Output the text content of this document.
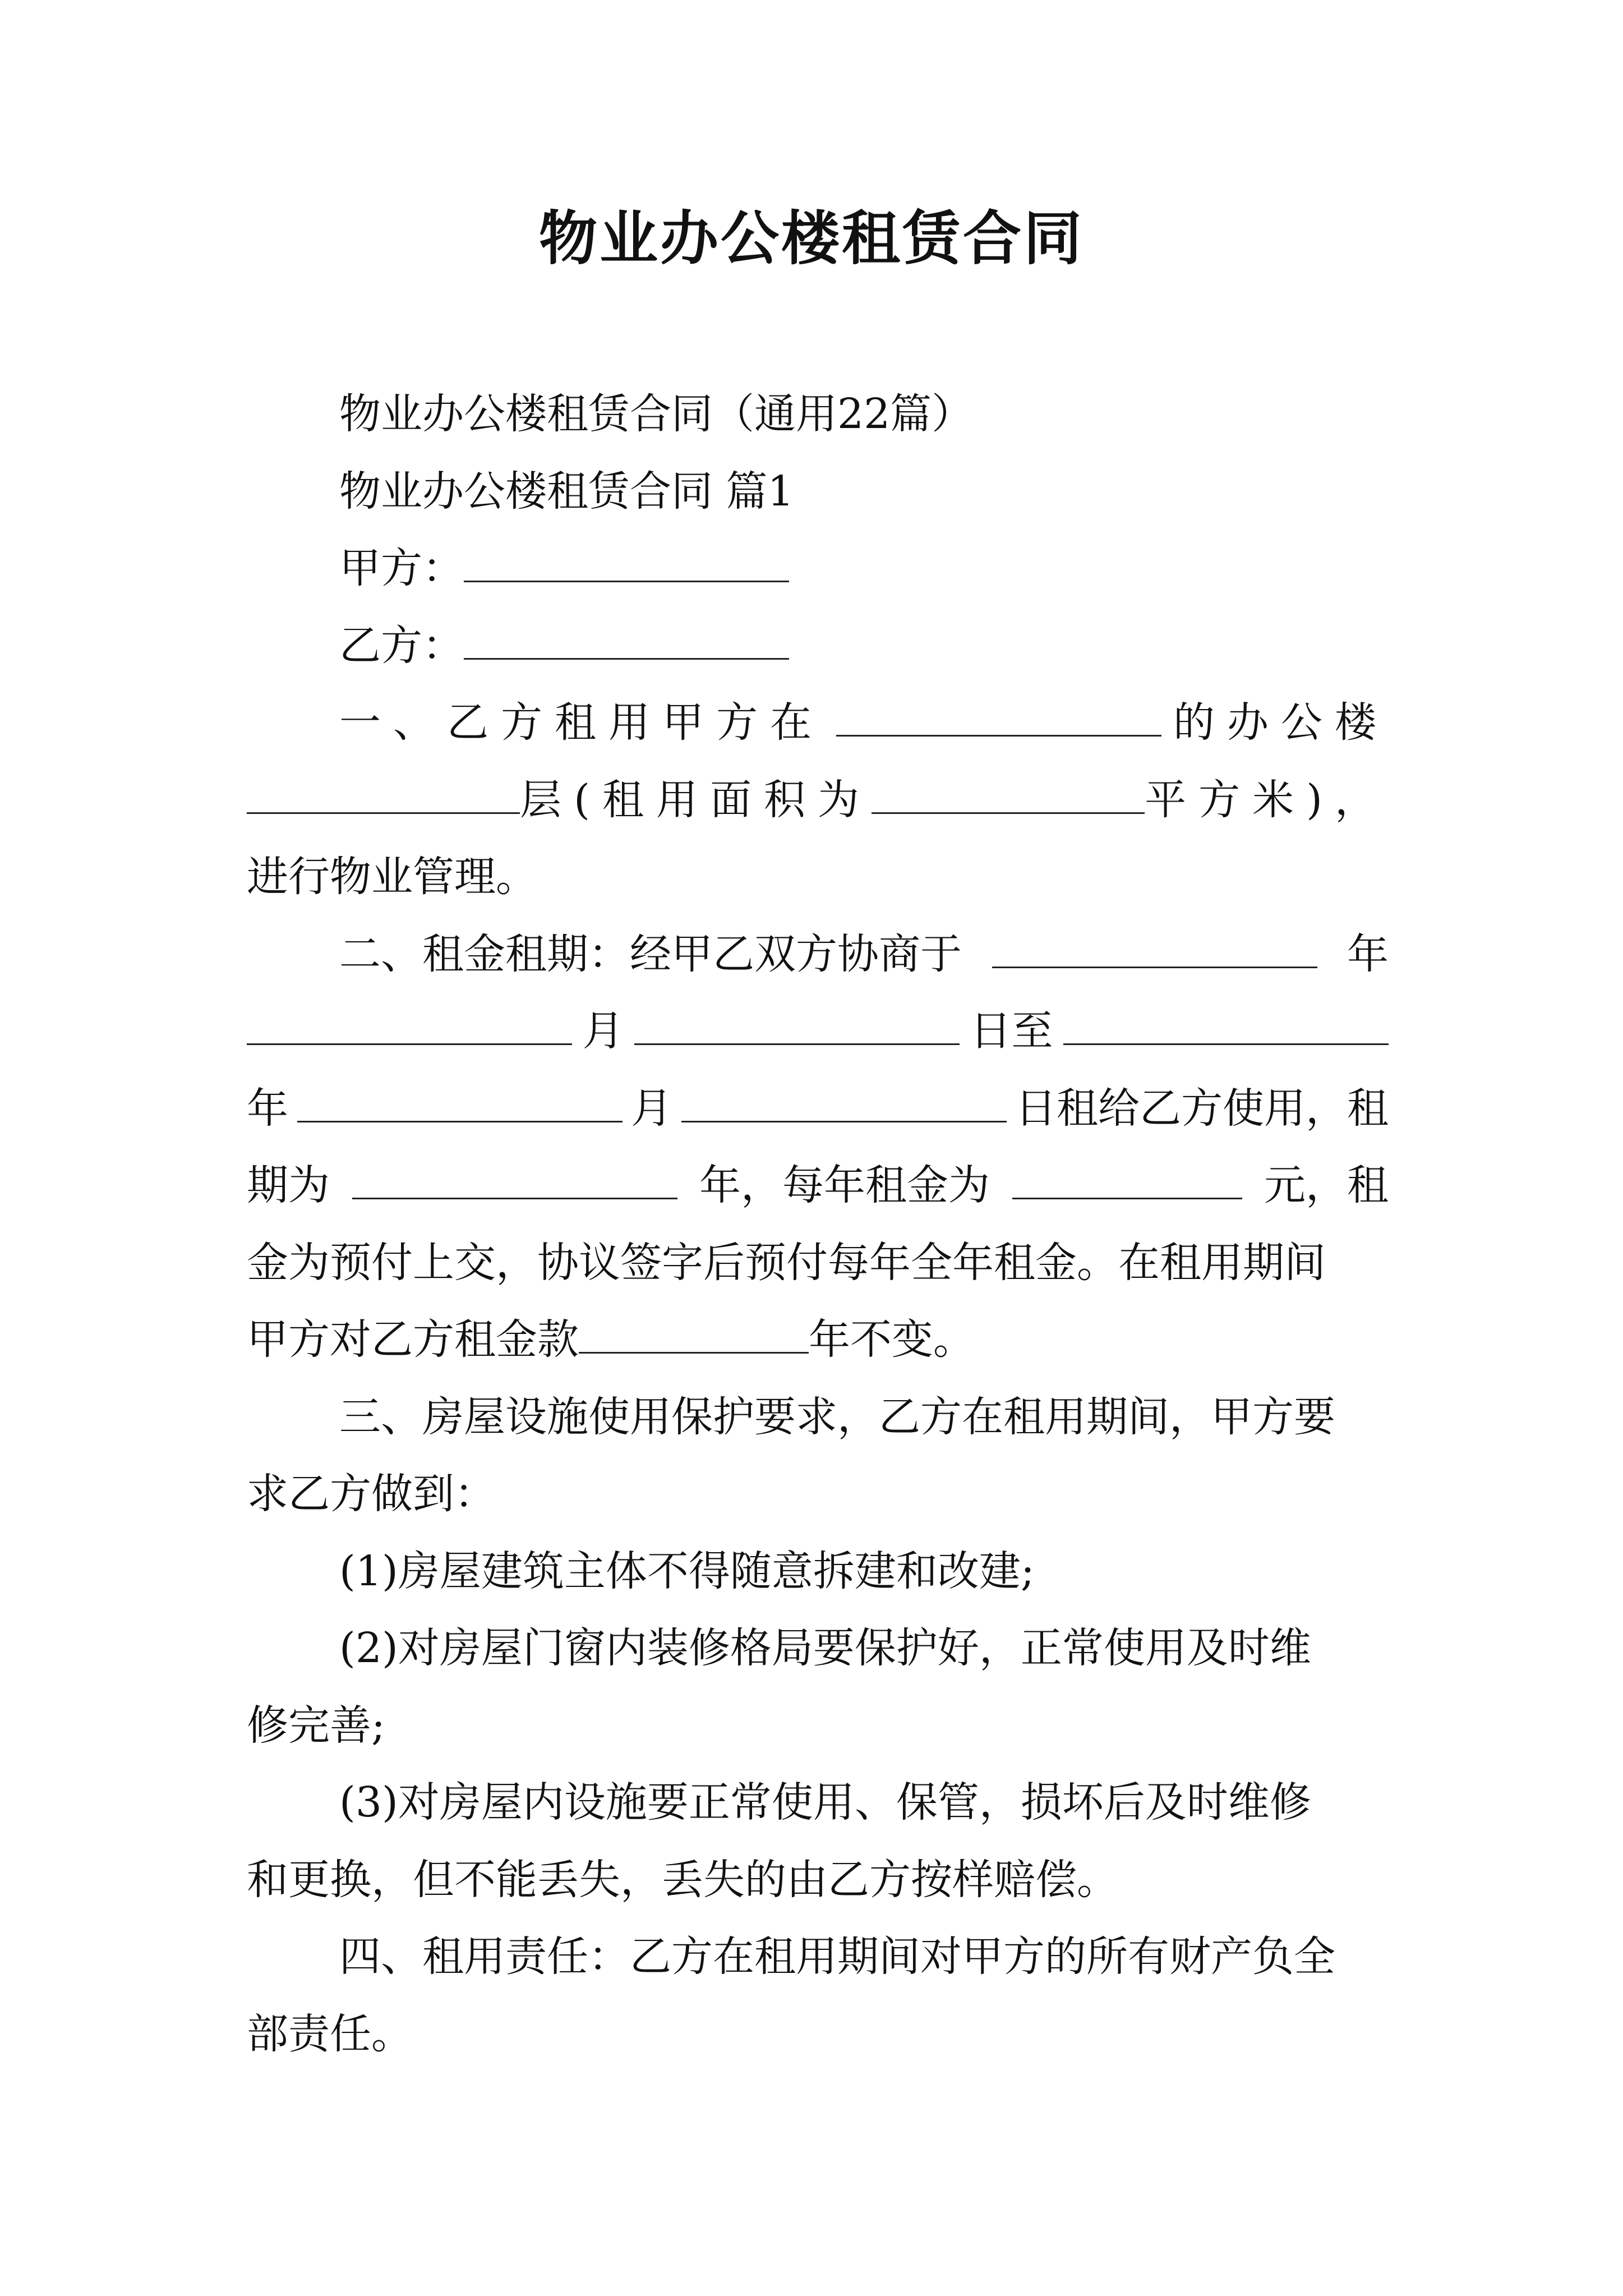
物业办公楼租赁合同
物业办公楼租赁合同（通用22篇）
物业办公楼租赁合同 篇1
甲方：
乙方：
一、乙方租用甲方在	的办公楼
层(租用面积为	平方米)，
进行物业管理。
二、租金租期：经甲乙双方协商于	年
月	日至
年	月	日租给乙方使用，租
期为	年，每年租金为	元，租
金为预付上交，协议签字后预付每年全年租金。在租用期间
甲方对乙方租金款	年不变。
三、房屋设施使用保护要求，乙方在租用期间，甲方要
求乙方做到：
(1)房屋建筑主体不得随意拆建和改建;
(2)对房屋门窗内装修格局要保护好，正常使用及时维
修完善;
(3)对房屋内设施要正常使用、保管，损坏后及时维修
和更换，但不能丢失，丢失的由乙方按样赔偿。
四、租用责任：乙方在租用期间对甲方的所有财产负全
部责任。
